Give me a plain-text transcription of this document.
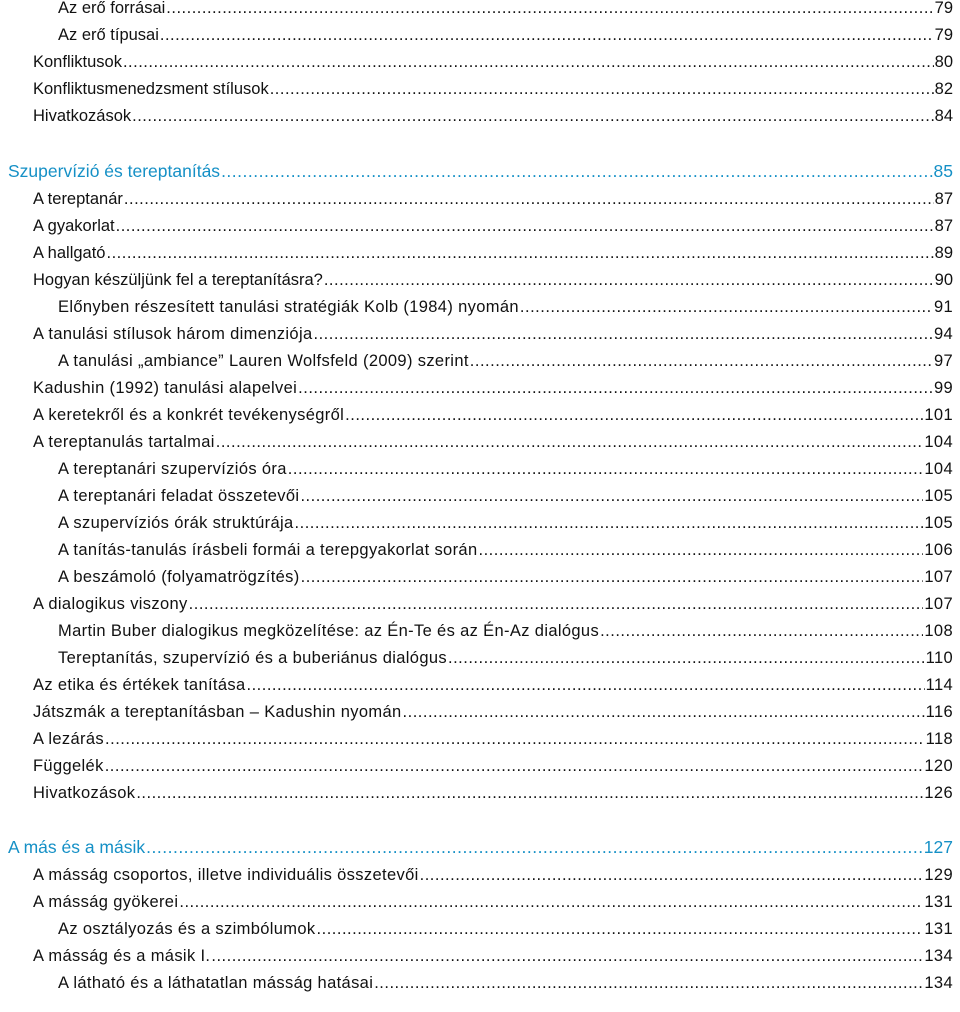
Az erő forrásai .....	79
Az erő típusai .....	79
Konfliktusok .....	80
Konfliktusmenedzsment stílusok .....	82
Hivatkozások .....	84
Szupervízió és tereptanítás .....	85
A tereptanár .....	87
A gyakorlat .....	87
A hallgató .....	89
Hogyan készüljünk fel a tereptanításra? .....	90
Előnyben részesített tanulási stratégiák Kolb (1984) nyomán .....	91
A tanulási stílusok három dimenziója .....	94
A tanulási „ambiance” Lauren Wolfsfeld (2009) szerint .....	97
Kadushin (1992) tanulási alapelvei .....	99
A keretekről és a konkrét tevékenységről .....	101
A tereptanulás tartalmai .....	104
A tereptanári szupervíziós óra .....	104
A tereptanári feladat összetevői .....	105
A szupervíziós órák struktúrája .....	105
A tanítás-tanulás írásbeli formái a terepgyakorlat során .....	106
A beszámoló (folyamatrögzítés) .....	107
A dialogikus viszony .....	107
Martin Buber dialogikus megközelítése: az Én-Te és az Én-Az dialógus .....	108
Tereptanítás, szupervízió és a buberiánus dialógus .....	110
Az etika és értékek tanítása .....	114
Játszmák a tereptanításban – Kadushin nyomán .....	116
A lezárás .....	118
Függelék .....	120
Hivatkozások .....	126
A más és a másik .....	127
A másság csoportos, illetve individuális összetevői .....	129
A másság gyökerei .....	131
Az osztályozás és a szimbólumok .....	131
A másság és a másik I. .....	134
A látható és a láthatatlan másság hatásai .....	134
